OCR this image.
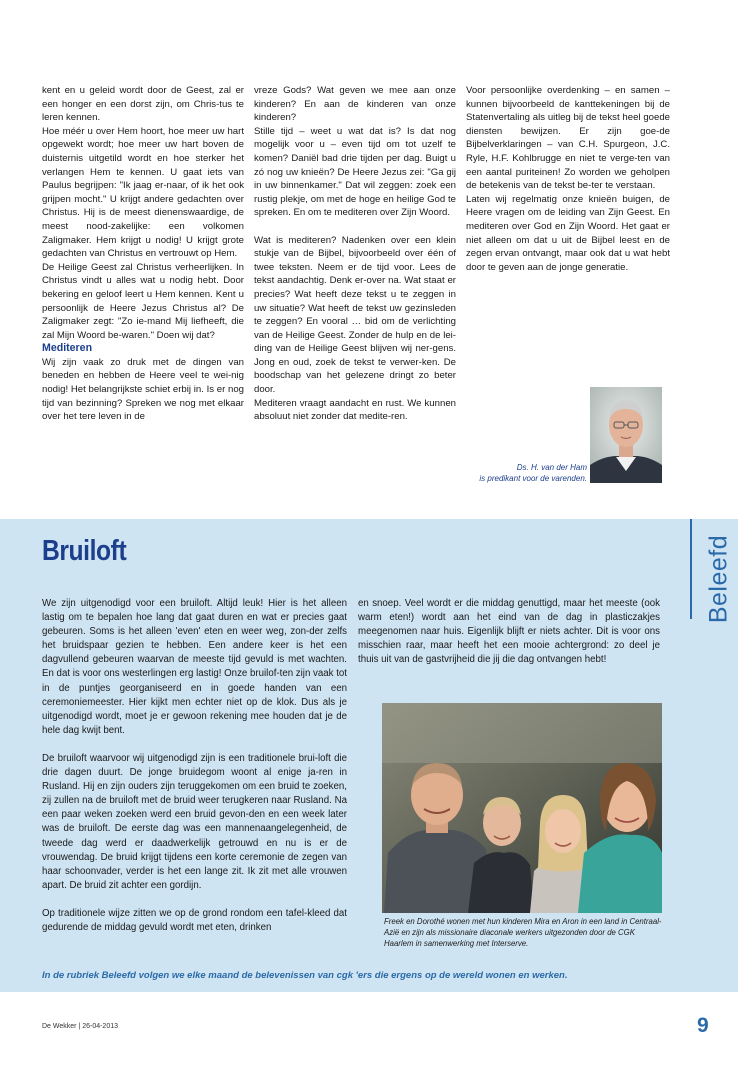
kent en u geleid wordt door de Geest, zal er een honger en een dorst zijn, om Chris-tus te leren kennen.

Hoe méér u over Hem hoort, hoe meer uw hart opgewekt wordt; hoe meer uw hart boven de duisternis uitgetild wordt en hoe sterker het verlangen Hem te kennen. U gaat iets van Paulus begrijpen: "Ik jaag er-naar, of ik het ook grijpen mocht." U krijgt andere gedachten over Christus. Hij is de meest dienenswaardige, de meest nood-zakelijke: een volkomen Zaligmaker. Hem krijgt u nodig! U krijgt grote gedachten van Christus en vertrouwt op Hem.

De Heilige Geest zal Christus verheerlijken. In Christus vindt u alles wat u nodig hebt. Door bekering en geloof leert u Hem kennen. Kent u persoonlijk de Heere Jezus Christus al? De Zaligmaker zegt: "Zo ie-mand Mij liefheeft, die zal Mijn Woord be-waren." Doen wij dat?

Mediteren

Wij zijn vaak zo druk met de dingen van beneden en hebben de Heere veel te wei-nig nodig! Het belangrijkste schiet erbij in. Is er nog tijd van bezinning? Spreken we nog met elkaar over het tere leven in de

vreze Gods? Wat geven we mee aan onze kinderen? En aan de kinderen van onze kinderen?

Stille tijd – weet u wat dat is? Is dat nog mogelijk voor u – even tijd om tot uzelf te komen? Daniël bad drie tijden per dag. Buigt u zó nog uw knieën? De Heere Jezus zei: "Ga gij in uw binnenkamer." Dat wil zeggen: zoek een rustig plekje, om met de hoge en heilige God te spreken. En om te mediteren over Zijn Woord.

Wat is mediteren? Nadenken over een klein stukje van de Bijbel, bijvoorbeeld over één of twee teksten. Neem er de tijd voor. Lees de tekst aandachtig. Denk er-over na. Wat staat er precies? Wat heeft deze tekst u te zeggen in uw situatie? Wat heeft de tekst uw gezinsleden te zeggen? En vooral … bid om de verlichting van de Heilige Geest. Zonder de hulp en de lei-ding van de Heilige Geest blijven wij ner-gens. Jong en oud, zoek de tekst te verwer-ken. De boodschap van het gelezene dringt zo beter door.

Mediteren vraagt aandacht en rust. We kunnen absoluut niet zonder dat medite-ren.

Voor persoonlijke overdenking – en samen – kunnen bijvoorbeeld de kanttekeningen bij de Statenvertaling als uitleg bij de tekst heel goede diensten bewijzen. Er zijn goe-de Bijbelverklaringen – van C.H. Spurgeon, J.C. Ryle, H.F. Kohlbrugge en niet te verge-ten van een aantal puriteinen! Zo worden we geholpen de betekenis van de tekst be-ter te verstaan.

Laten wij regelmatig onze knieën buigen, de Heere vragen om de leiding van Zijn Geest. En mediteren over God en Zijn Woord. Het gaat er niet alleen om dat u uit de Bijbel leest en de zegen ervan ontvangt, maar ook dat u wat hebt door te geven aan de jonge generatie.

Ds. H. van der Ham
is predikant voor de varenden.
Beleefd
Bruiloft

We zijn uitgenodigd voor een bruiloft. Altijd leuk! Hier is het alleen lastig om te bepalen hoe lang dat gaat duren en wat er precies gaat gebeuren. Soms is het alleen 'even' eten en weer weg, zon-der zelfs het bruidspaar gezien te hebben. Een andere keer is het een dagvullend gebeuren waarvan de meeste tijd gevuld is met wachten. En dat is voor ons westerlingen erg lastig! Onze bruilof-ten zijn vaak tot in de puntjes georganiseerd en in goede handen van een ceremoniemeester. Hier kijkt men echter niet op de klok. Dus als je uitgenodigd wordt, moet je er gewoon rekening mee houden dat je de hele dag kwijt bent.

De bruiloft waarvoor wij uitgenodigd zijn is een traditionele brui-loft die drie dagen duurt. De jonge bruidegom woont al enige ja-ren in Rusland. Hij en zijn ouders zijn teruggekomen om een bruid te zoeken, zij zullen na de bruiloft met de bruid weer terugkeren naar Rusland. Na een paar weken zoeken werd een bruid gevon-den en een week later was de bruiloft. De eerste dag was een mannenaangelegenheid, de tweede dag werd er daadwerkelijk getrouwd en nu is er de vrouwendag. De bruid krijgt tijdens een korte ceremonie de zegen van haar schoonvader, verder is het een lange zit. Ik zit met alle vrouwen apart. De bruid zit achter een gordijn.

Op traditionele wijze zitten we op de grond rondom een tafel-kleed dat gedurende de middag gevuld wordt met eten, drinken

en snoep. Veel wordt er die middag genuttigd, maar het meeste (ook warm eten!) wordt aan het eind van de dag in plasticzakjes meegenomen naar huis. Eigenlijk blijft er niets achter. Dit is voor ons misschien raar, maar heeft het een mooie achtergrond: zo deel je thuis uit van de gastvrijheid die jij die dag ontvangen hebt!

Freek en Dorothé wonen met hun kinderen Mira en Aron in een land in Centraal-Azië en zijn als missionaire diaconale werkers uitgezonden door de CGK Haarlem in samenwerking met Interserve.
In de rubriek Beleefd volgen we elke maand de belevenissen van cgk 'ers die ergens op de wereld wonen en werken.
De Wekker | 26-04-2013	9
